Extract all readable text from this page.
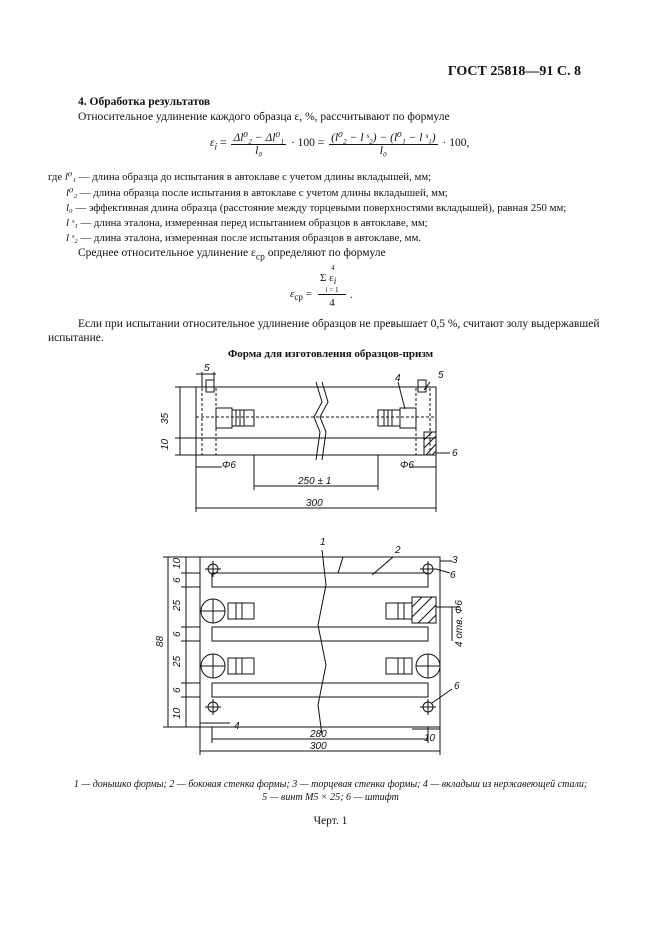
ГОСТ 25818—91 С. 8
4. Обработка результатов
Относительное удлинение каждого образца ε, %, рассчитывают по формуле
$\varepsilon_i = \frac{\text{Δl⁰₂ − Δl⁰₁}}{\text{l₀}} \cdot 100 = \frac{\text{(l⁰₂ − l ˢ₂) − (l⁰₁ − l ˢ₁)}}{\text{l₀}} \cdot 100$,
где l⁰₁ — длина образца до испытания в автоклаве с учетом длины вкладышей, мм;
l⁰₂ — длина образца после испытания в автоклаве с учетом длины вкладышей, мм;
l₀ — эффективная длина образца (расстояние между торцевыми поверхностями вкладышей), равная 250 мм;
l ˢ₁ — длина эталона, измеренная перед испытанием образцов в автоклаве, мм;
l ˢ₂ — длина эталона, измеренная после испытания образцов в автоклаве, мм.
Среднее относительное удлинение $\varepsilon_{ср}$ определяют по формуле
$\varepsilon_{ср}$ =
4
Σ $\varepsilon_i$
i = 1
4
.
Если при испытании относительное удлинение образцов не превышает 0,5 %, считают золу выдержавшей
испытание.
Форма для изготовления образцов-призм
5
35
10
Φ6	Φ6
250 ± 1
300
4	5
6
1
2
3
6
6
6
10
25
88
6
25
6
10
4
280
300
10
4 отв. Φ6
1 — донышко формы; 2 — боковая стенка формы; 3 — торцевая стенка формы; 4 — вкладыш из нержавеющей стали;
5 — винт М5 × 25; 6 — штифт
Черт. 1
